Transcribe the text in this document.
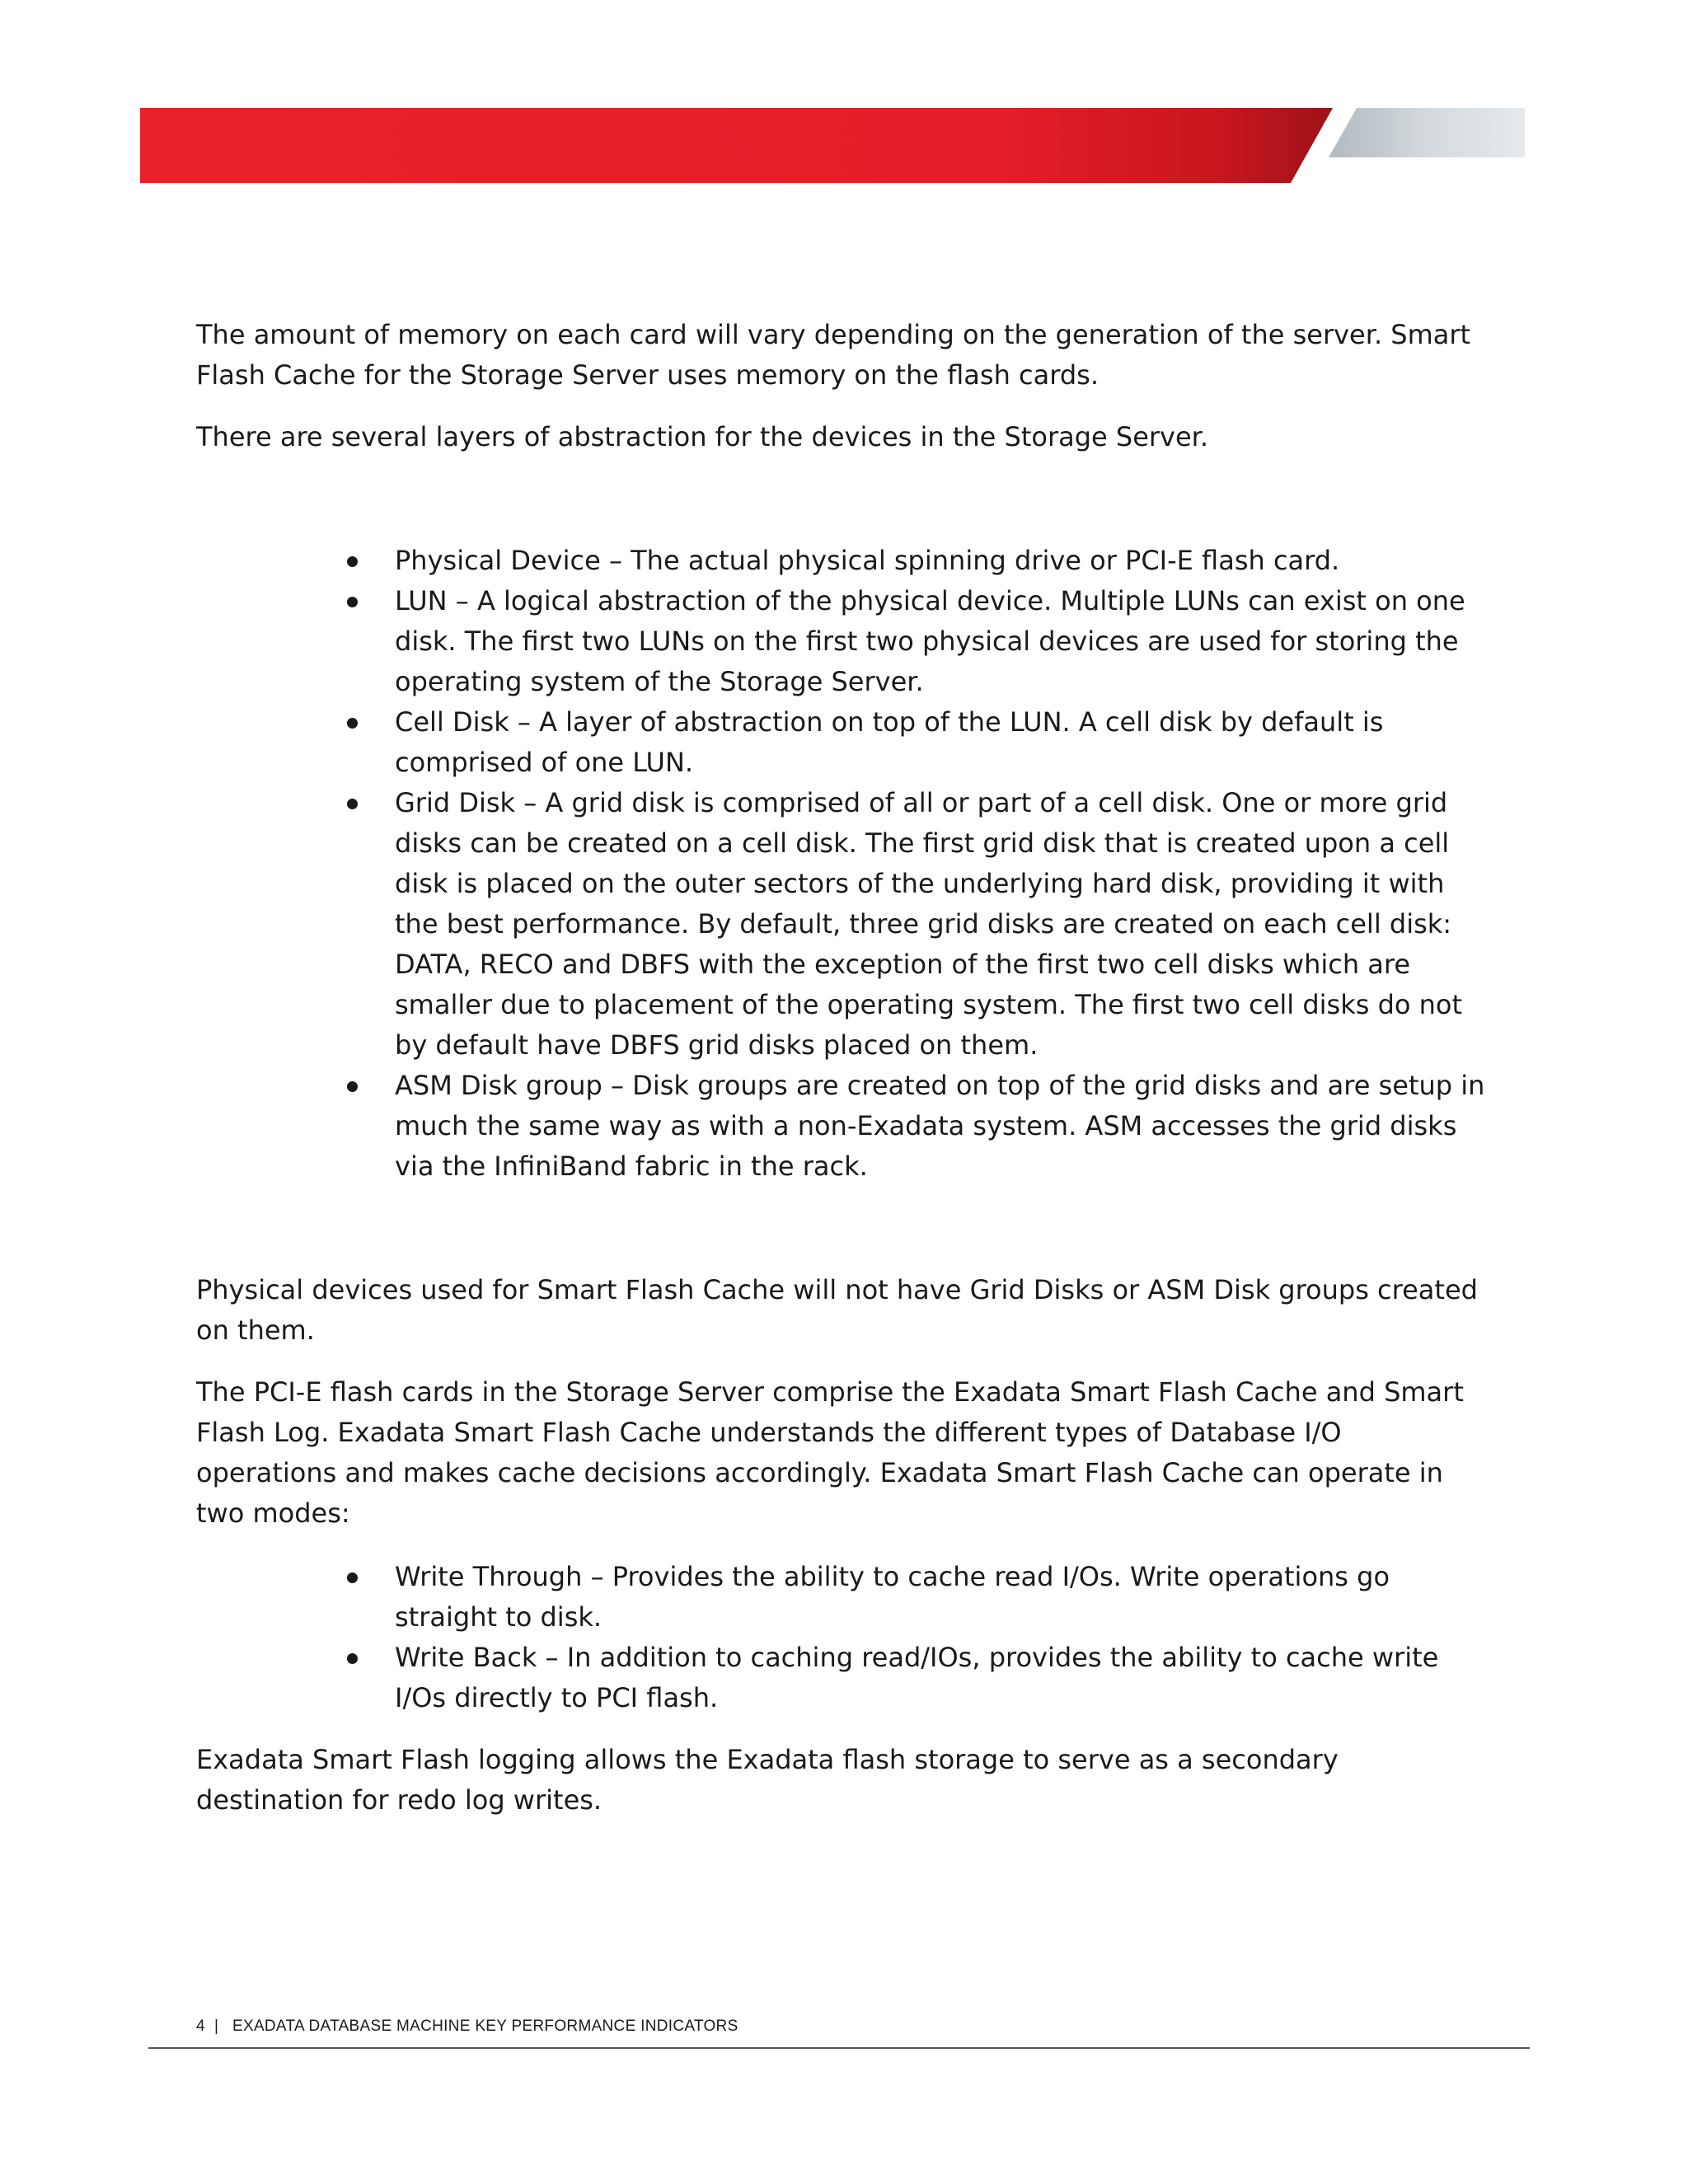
The amount of memory on each card will vary depending on the generation of the server. Smart Flash Cache for the Storage Server uses memory on the flash cards.

There are several layers of abstraction for the devices in the Storage Server.

Physical Device – The actual physical spinning drive or PCI-E flash card.
LUN – A logical abstraction of the physical device. Multiple LUNs can exist on one disk. The first two LUNs on the first two physical devices are used for storing the operating system of the Storage Server.
Cell Disk – A layer of abstraction on top of the LUN. A cell disk by default is comprised of one LUN.
Grid Disk – A grid disk is comprised of all or part of a cell disk. One or more grid disks can be created on a cell disk. The first grid disk that is created upon a cell disk is placed on the outer sectors of the underlying hard disk, providing it with the best performance. By default, three grid disks are created on each cell disk: DATA, RECO and DBFS with the exception of the first two cell disks which are smaller due to placement of the operating system. The first two cell disks do not by default have DBFS grid disks placed on them.
ASM Disk group – Disk groups are created on top of the grid disks and are setup in much the same way as with a non-Exadata system. ASM accesses the grid disks via the InfiniBand fabric in the rack.

Physical devices used for Smart Flash Cache will not have Grid Disks or ASM Disk groups created on them.

The PCI-E flash cards in the Storage Server comprise the Exadata Smart Flash Cache and Smart Flash Log. Exadata Smart Flash Cache understands the different types of Database I/O operations and makes cache decisions accordingly. Exadata Smart Flash Cache can operate in two modes:

Write Through – Provides the ability to cache read I/Os. Write operations go straight to disk.
Write Back – In addition to caching read/IOs, provides the ability to cache write I/Os directly to PCI flash.

Exadata Smart Flash logging allows the Exadata flash storage to serve as a secondary destination for redo log writes.

4  |   EXADATA DATABASE MACHINE KEY PERFORMANCE INDICATORS
